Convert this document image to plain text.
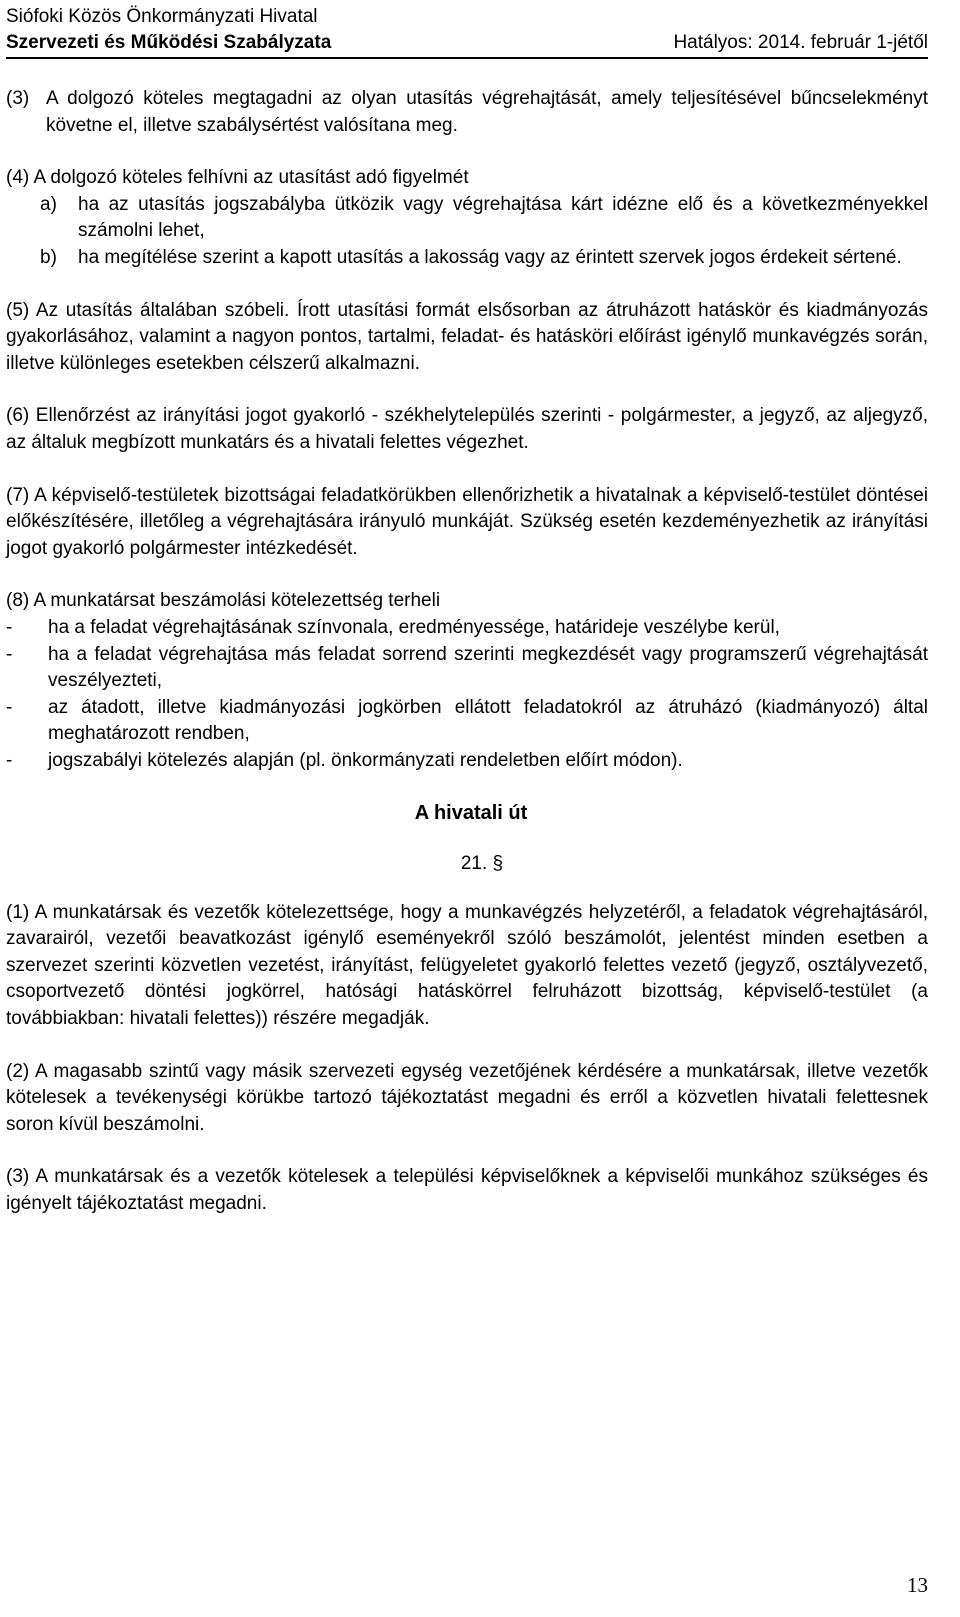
Siófoki Közös Önkormányzati Hivatal
Szervezeti és Működési Szabályzata	Hatályos: 2014. február 1-jétől
(3) A dolgozó köteles megtagadni az olyan utasítás végrehajtását, amely teljesítésével bűncselekményt követne el, illetve szabálysértést valósítana meg.
(4) A dolgozó köteles felhívni az utasítást adó figyelmét
a)	ha az utasítás jogszabályba ütközik vagy végrehajtása kárt idézne elő és a következményekkel számolni lehet,
b)	ha megítélése szerint a kapott utasítás a lakosság vagy az érintett szervek jogos érdekeit sértené.
(5) Az utasítás általában szóbeli. Írott utasítási formát elsősorban az átruházott hatáskör és kiadmányozás gyakorlásához, valamint a nagyon pontos, tartalmi, feladat- és hatásköri előírást igénylő munkavégzés során, illetve különleges esetekben célszerű alkalmazni.
(6) Ellenőrzést az irányítási jogot gyakorló - székhelytelepülés szerinti - polgármester, a jegyző, az aljegyző, az általuk megbízott munkatárs és a hivatali felettes végezhet.
(7) A képviselő-testületek bizottságai feladatkörükben ellenőrizhetik a hivatalnak a képviselő-testület döntései előkészítésére, illetőleg a végrehajtására irányuló munkáját. Szükség esetén kezdeményezhetik az irányítási jogot gyakorló polgármester intézkedését.
(8) A munkatársat beszámolási kötelezettség terheli
-	ha a feladat végrehajtásának színvonala, eredményessége, határideje veszélybe kerül,
-	ha a feladat végrehajtása más feladat sorrend szerinti megkezdését vagy programszerű végrehajtását veszélyezteti,
-	az átadott, illetve kiadmányozási jogkörben ellátott feladatokról az átruházó (kiadmányozó) által meghatározott rendben,
-	jogszabályi kötelezés alapján (pl. önkormányzati rendeletben előírt módon).
A hivatali út
21. §
(1) A munkatársak és vezetők kötelezettsége, hogy a munkavégzés helyzetéről, a feladatok végrehajtásáról, zavarairól, vezetői beavatkozást igénylő eseményekről szóló beszámolót, jelentést minden esetben a szervezet szerinti közvetlen vezetést, irányítást, felügyeletet gyakorló felettes vezető (jegyző, osztályvezető, csoportvezető döntési jogkörrel, hatósági hatáskörrel felruházott bizottság, képviselő-testület (a továbbiakban: hivatali felettes)) részére megadják.
(2) A magasabb szintű vagy másik szervezeti egység vezetőjének kérdésére a munkatársak, illetve vezetők kötelesek a tevékenységi körükbe tartozó tájékoztatást megadni és erről a közvetlen hivatali felettesnek soron kívül beszámolni.
(3) A munkatársak és a vezetők kötelesek a települési képviselőknek a képviselői munkához szükséges és igényelt tájékoztatást megadni.
13
